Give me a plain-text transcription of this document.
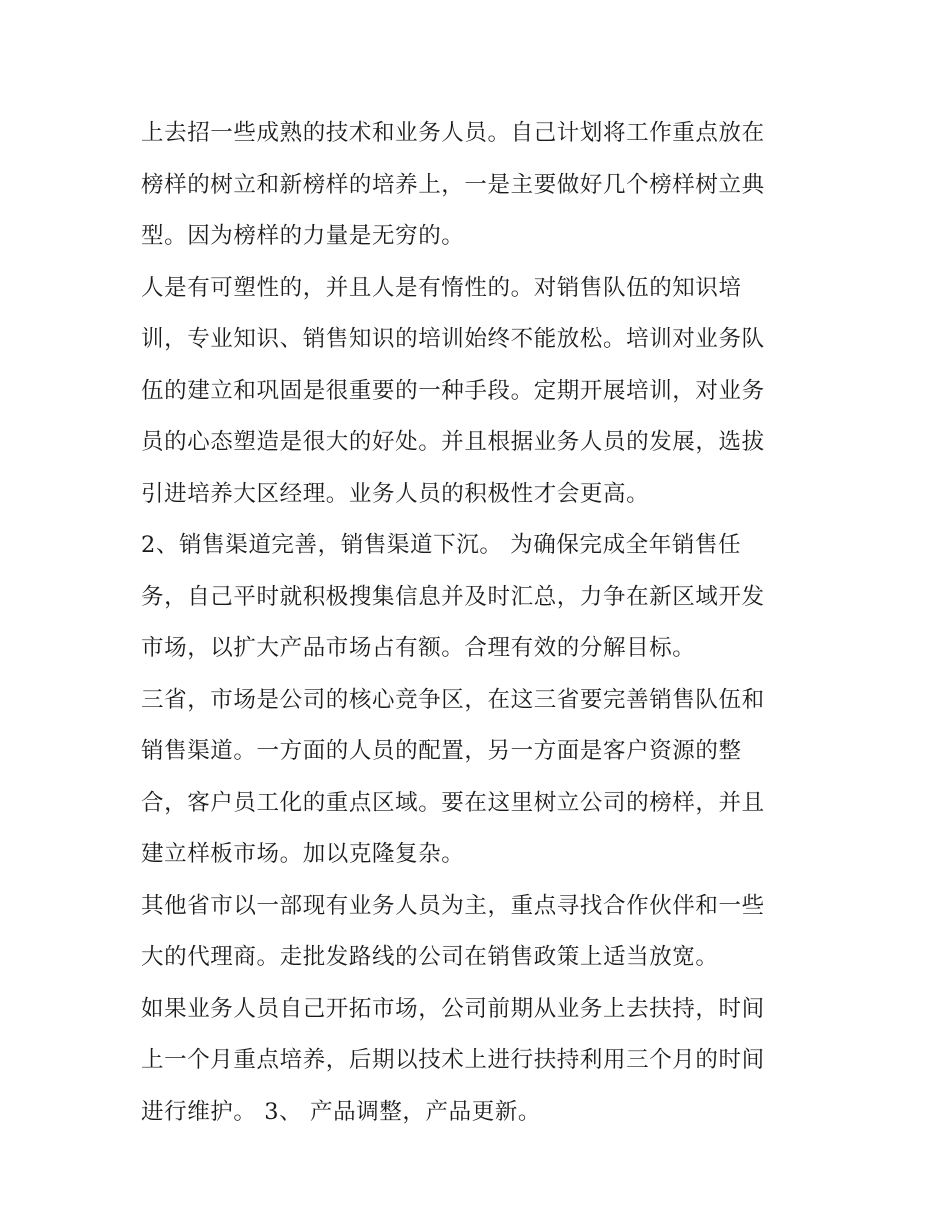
上去招一些成熟的技术和业务人员。自己计划将工作重点放在
榜样的树立和新榜样的培养上，一是主要做好几个榜样树立典
型。因为榜样的力量是无穷的。

人是有可塑性的，并且人是有惰性的。对销售队伍的知识培
训，专业知识、销售知识的培训始终不能放松。培训对业务队
伍的建立和巩固是很重要的一种手段。定期开展培训，对业务
员的心态塑造是很大的好处。并且根据业务人员的发展，选拔
引进培养大区经理。业务人员的积极性才会更高。

2、销售渠道完善，销售渠道下沉。 为确保完成全年销售任
务，自己平时就积极搜集信息并及时汇总，力争在新区域开发
市场，以扩大产品市场占有额。合理有效的分解目标。

三省，市场是公司的核心竞争区，在这三省要完善销售队伍和
销售渠道。一方面的人员的配置，另一方面是客户资源的整
合，客户员工化的重点区域。要在这里树立公司的榜样，并且
建立样板市场。加以克隆复杂。

其他省市以一部现有业务人员为主，重点寻找合作伙伴和一些
大的代理商。走批发路线的公司在销售政策上适当放宽。

如果业务人员自己开拓市场，公司前期从业务上去扶持，时间
上一个月重点培养，后期以技术上进行扶持利用三个月的时间
进行维护。 3、 产品调整，产品更新。
